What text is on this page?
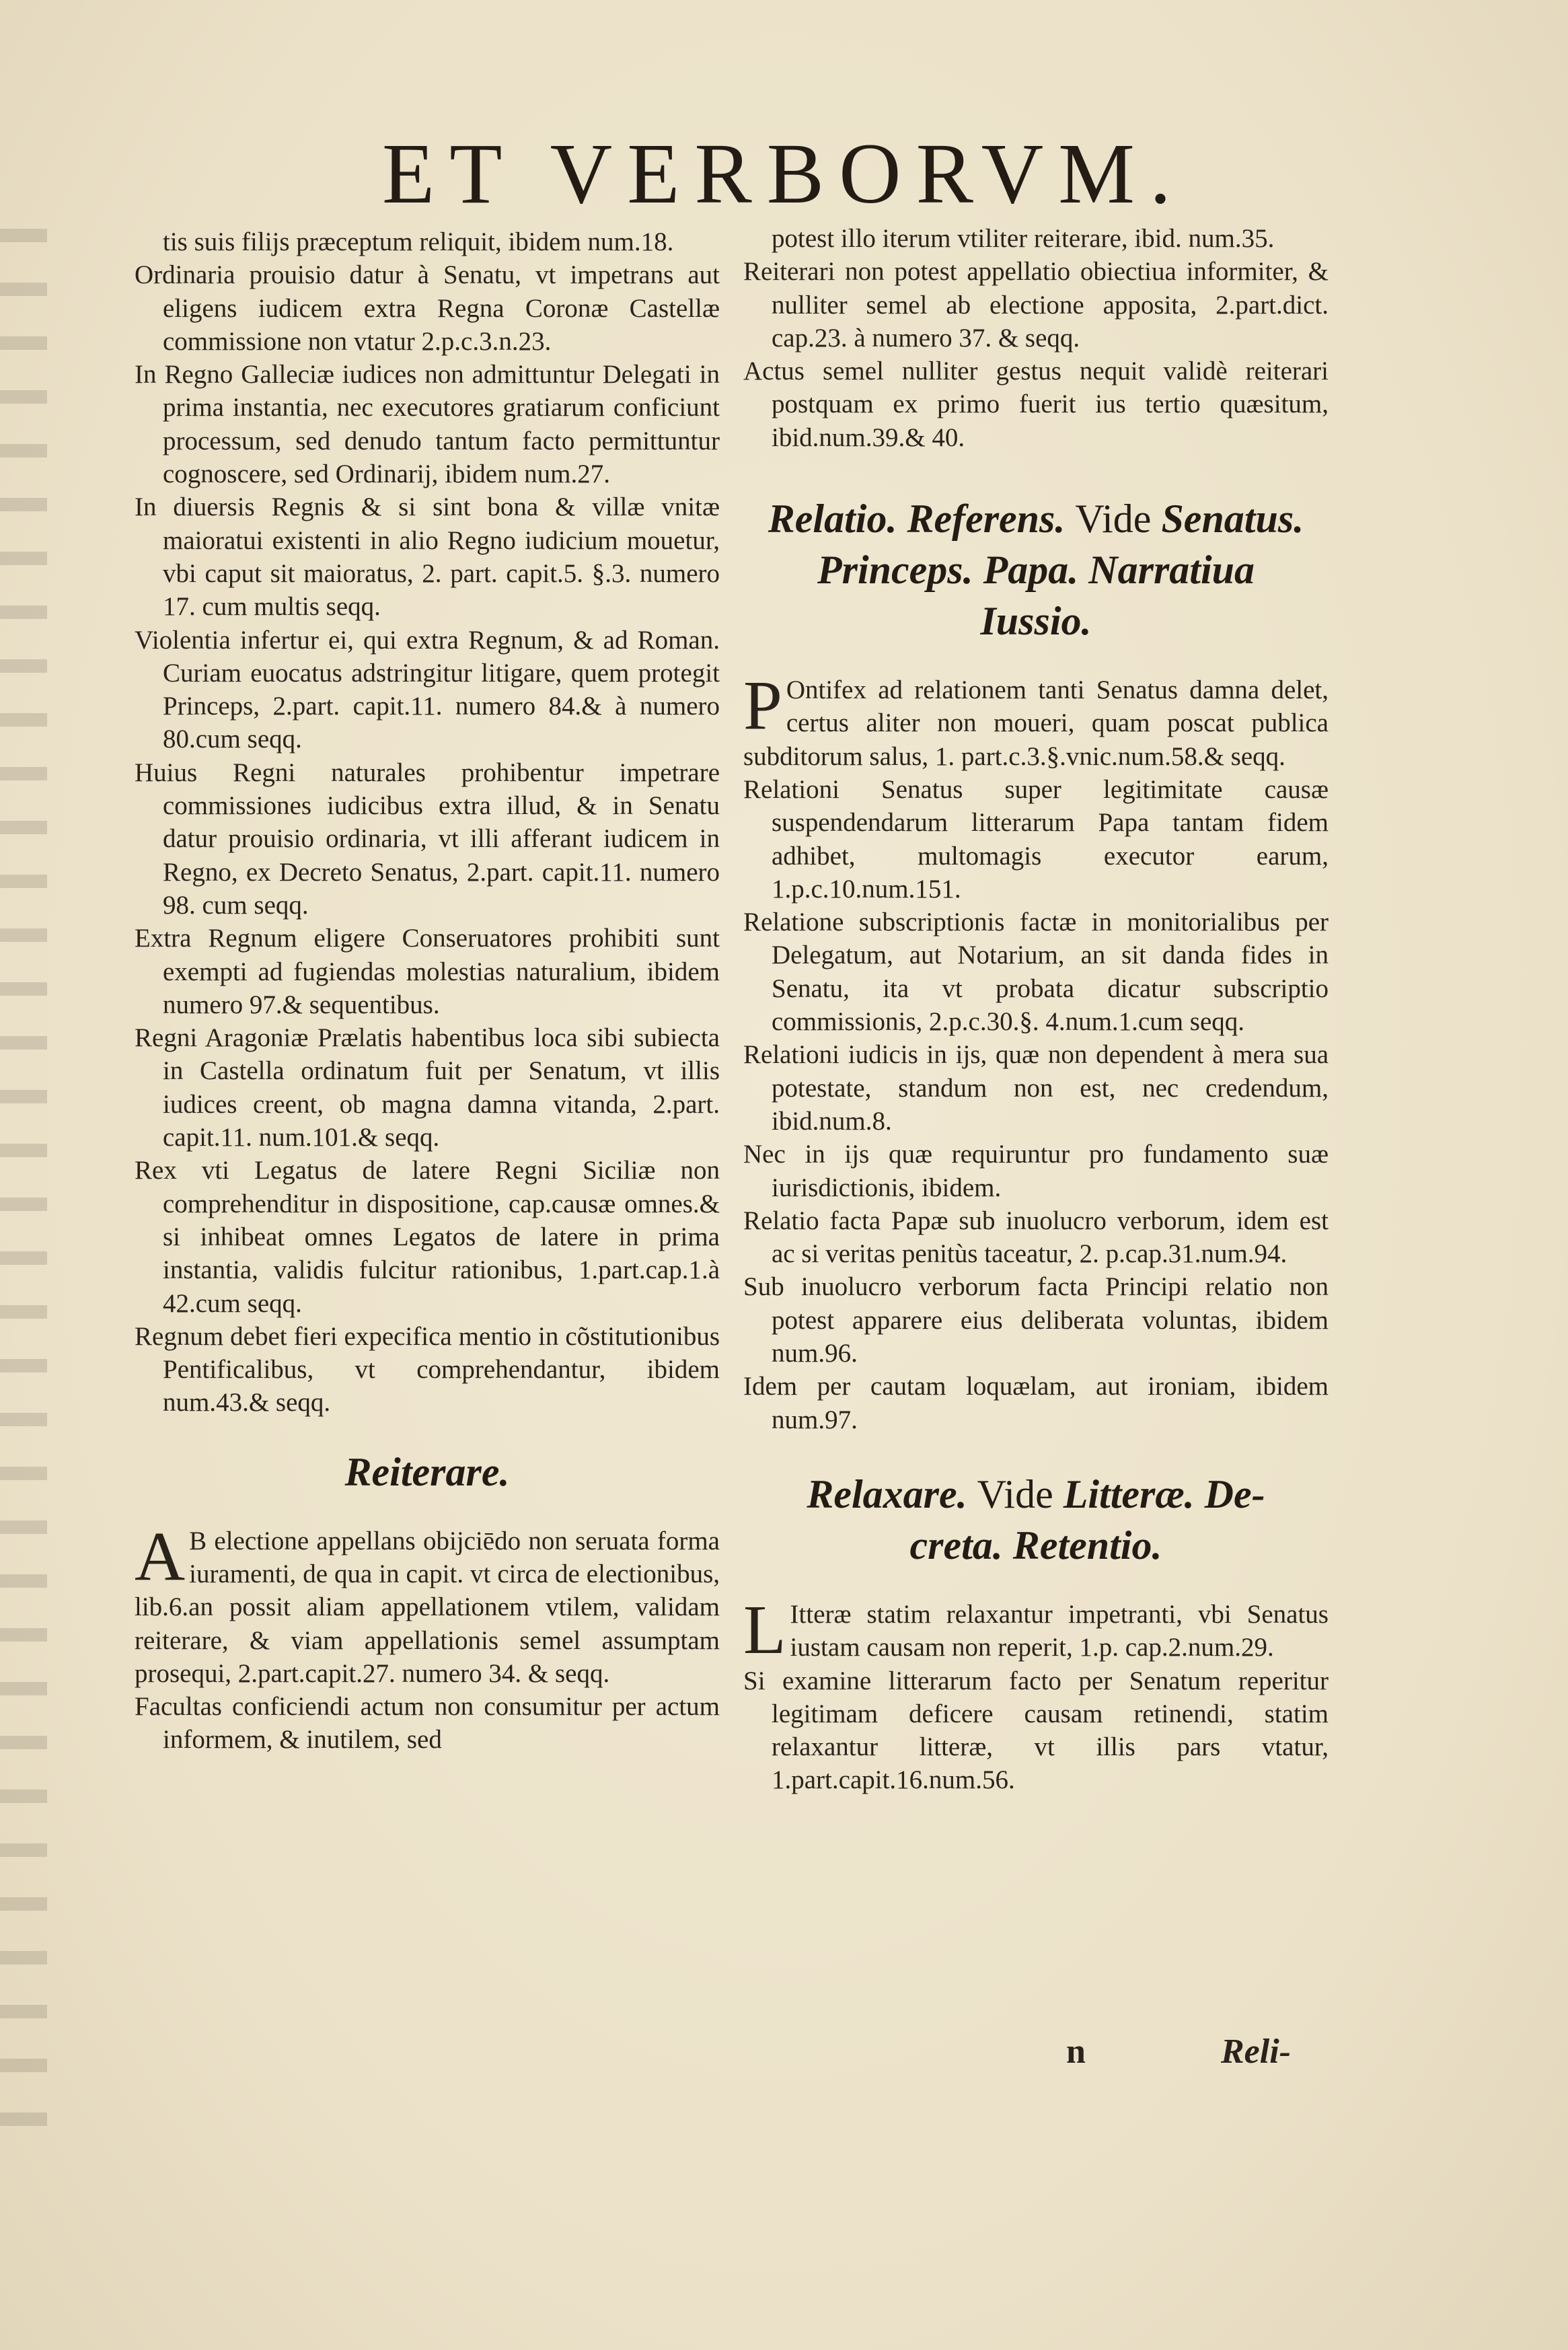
ET VERBORVM.

tis suis filijs præceptum reliquit, ibidem num.18.

Ordinaria prouisio datur à Senatu, vt impetrans aut eligens iudicem extra Regna Coronæ Castellæ commissione non vtatur 2.p.c.3.n.23.

In Regno Galleciæ iudices non admittuntur Delegati in prima instantia, nec executores gratiarum conficiunt processum, sed denudo tantum facto permittuntur cognoscere, sed Ordinarij, ibidem num.27.

In diuersis Regnis & si sint bona & villæ vnitæ maioratui existenti in alio Regno iudicium mouetur, vbi caput sit maioratus, 2. part. capit.5. §.3. numero 17. cum multis seqq.

Violentia infertur ei, qui extra Regnum, & ad Roman. Curiam euocatus adstringitur litigare, quem protegit Princeps, 2.part. capit.11. numero 84.& à numero 80.cum seqq.

Huius Regni naturales prohibentur impetrare commissiones iudicibus extra illud, & in Senatu datur prouisio ordinaria, vt illi afferant iudicem in Regno, ex Decreto Senatus, 2.part. capit.11. numero 98. cum seqq.

Extra Regnum eligere Conseruatores prohibiti sunt exempti ad fugiendas molestias naturalium, ibidem numero 97.& sequentibus.

Regni Aragoniæ Prælatis habentibus loca sibi subiecta in Castella ordinatum fuit per Senatum, vt illis iudices creent, ob magna damna vitanda, 2.part. capit.11. num.101.& seqq.

Rex vti Legatus de latere Regni Siciliæ non comprehenditur in dispositione, cap.causæ omnes.& si inhibeat omnes Legatos de latere in prima instantia, validis fulcitur rationibus, 1.part.cap.1.à 42.cum seqq.

Regnum debet fieri expecifica mentio in cõstitutionibus Pentificalibus, vt comprehendantur, ibidem num.43.& seqq.

Reiterare.

A B electione appellans obijciēdo non seruata forma iuramenti, de qua in capit. vt circa de electionibus, lib.6.an possit aliam appellationem vtilem, validam reiterare, & viam appellationis semel assumptam prosequi, 2.part.capit.27. numero 34. & seqq.

Facultas conficiendi actum non consumitur per actum informem, & inutilem, sed

potest illo iterum vtiliter reiterare, ibid. num.35.

Reiterari non potest appellatio obiectiua informiter, & nulliter semel ab electione apposita, 2.part.dict. cap.23. à numero 37. & seqq.

Actus semel nulliter gestus nequit validè reiterari postquam ex primo fuerit ius tertio quæsitum, ibid.num.39.& 40.

Relatio. Referens. Vide Senatus.
Princeps. Papa. Narratiua
Iussio.

P Ontifex ad relationem tanti Senatus damna delet, certus aliter non moueri, quam poscat publica subditorum salus, 1. part.c.3.§.vnic.num.58.& seqq.

Relationi Senatus super legitimitate causæ suspendendarum litterarum Papa tantam fidem adhibet, multomagis executor earum, 1.p.c.10.num.151.

Relatione subscriptionis factæ in monitorialibus per Delegatum, aut Notarium, an sit danda fides in Senatu, ita vt probata dicatur subscriptio commissionis, 2.p.c.30.§. 4.num.1.cum seqq.

Relationi iudicis in ijs, quæ non dependent à mera sua potestate, standum non est, nec credendum, ibid.num.8.

Nec in ijs quæ requiruntur pro fundamento suæ iurisdictionis, ibidem.

Relatio facta Papæ sub inuolucro verborum, idem est ac si veritas penitùs taceatur, 2. p.cap.31.num.94.

Sub inuolucro verborum facta Principi relatio non potest apparere eius deliberata voluntas, ibidem num.96.

Idem per cautam loquælam, aut ironiam, ibidem num.97.

Relaxare. Vide Litteræ. De-
creta. Retentio.

L Itteræ statim relaxantur impetranti, vbi Senatus iustam causam non reperit, 1.p. cap.2.num.29.

Si examine litterarum facto per Senatum reperitur legitimam deficere causam retinendi, statim relaxantur litteræ, vt illis pars vtatur, 1.part.capit.16.num.56.

n	Reli-
